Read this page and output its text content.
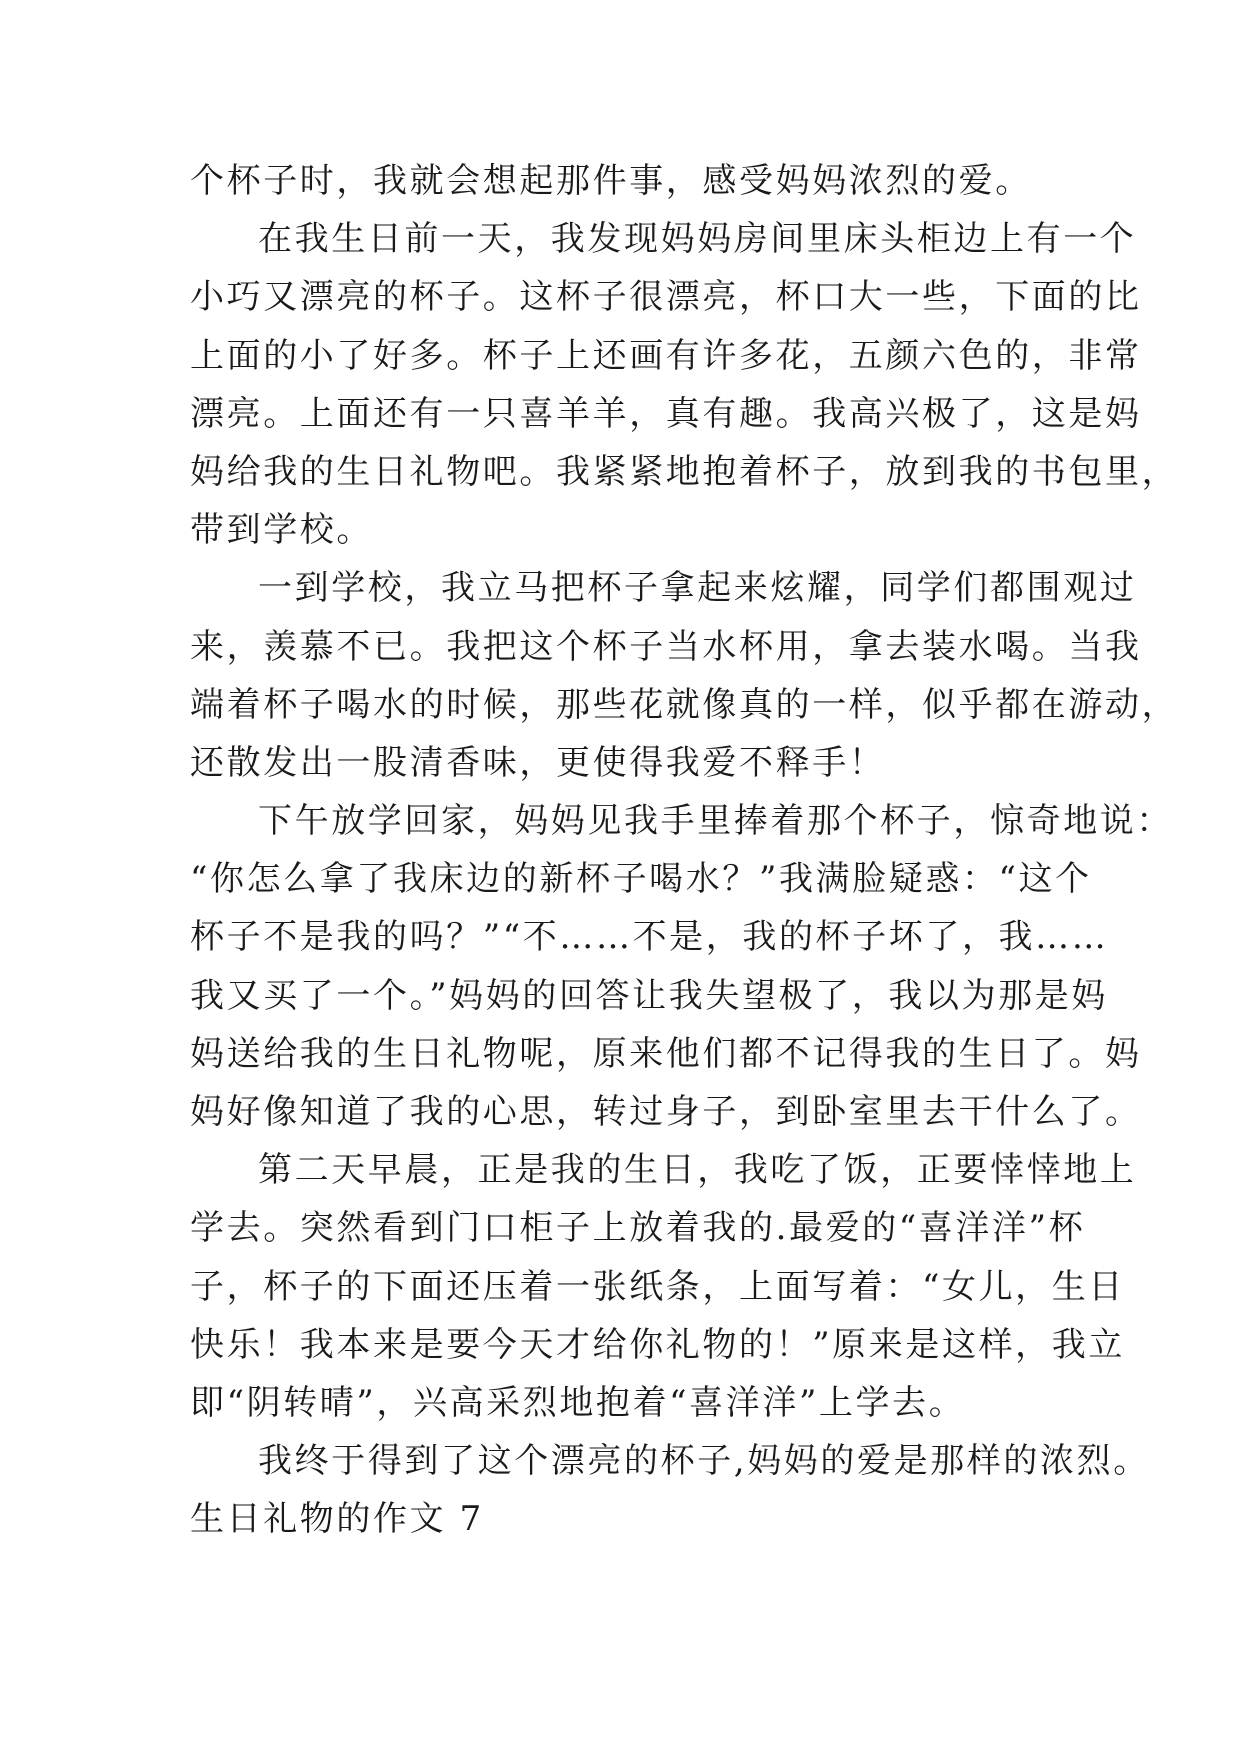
个杯子时，我就会想起那件事，感受妈妈浓烈的爱。
在我生日前一天，我发现妈妈房间里床头柜边上有一个
小巧又漂亮的杯子。这杯子很漂亮，杯口大一些，下面的比
上面的小了好多。杯子上还画有许多花，五颜六色的，非常
漂亮。上面还有一只喜羊羊，真有趣。我高兴极了，这是妈
妈给我的生日礼物吧。我紧紧地抱着杯子，放到我的书包里，
带到学校。
一到学校，我立马把杯子拿起来炫耀，同学们都围观过
来，羡慕不已。我把这个杯子当水杯用，拿去装水喝。当我
端着杯子喝水的时候，那些花就像真的一样，似乎都在游动，
还散发出一股清香味，更使得我爱不释手！
下午放学回家，妈妈见我手里捧着那个杯子，惊奇地说：
“你怎么拿了我床边的新杯子喝水？”我满脸疑惑：“这个
杯子不是我的吗？”“不……不是，我的杯子坏了，我……
我又买了一个。”妈妈的回答让我失望极了，我以为那是妈
妈送给我的生日礼物呢，原来他们都不记得我的生日了。妈
妈好像知道了我的心思，转过身子，到卧室里去干什么了。
第二天早晨，正是我的生日，我吃了饭，正要悻悻地上
学去。突然看到门口柜子上放着我的.最爱的“喜洋洋”杯
子，杯子的下面还压着一张纸条，上面写着：“女儿，生日
快乐！我本来是要今天才给你礼物的！”原来是这样，我立
即“阴转晴”，兴高采烈地抱着“喜洋洋”上学去。
我终于得到了这个漂亮的杯子,妈妈的爱是那样的浓烈。
生日礼物的作文 7
